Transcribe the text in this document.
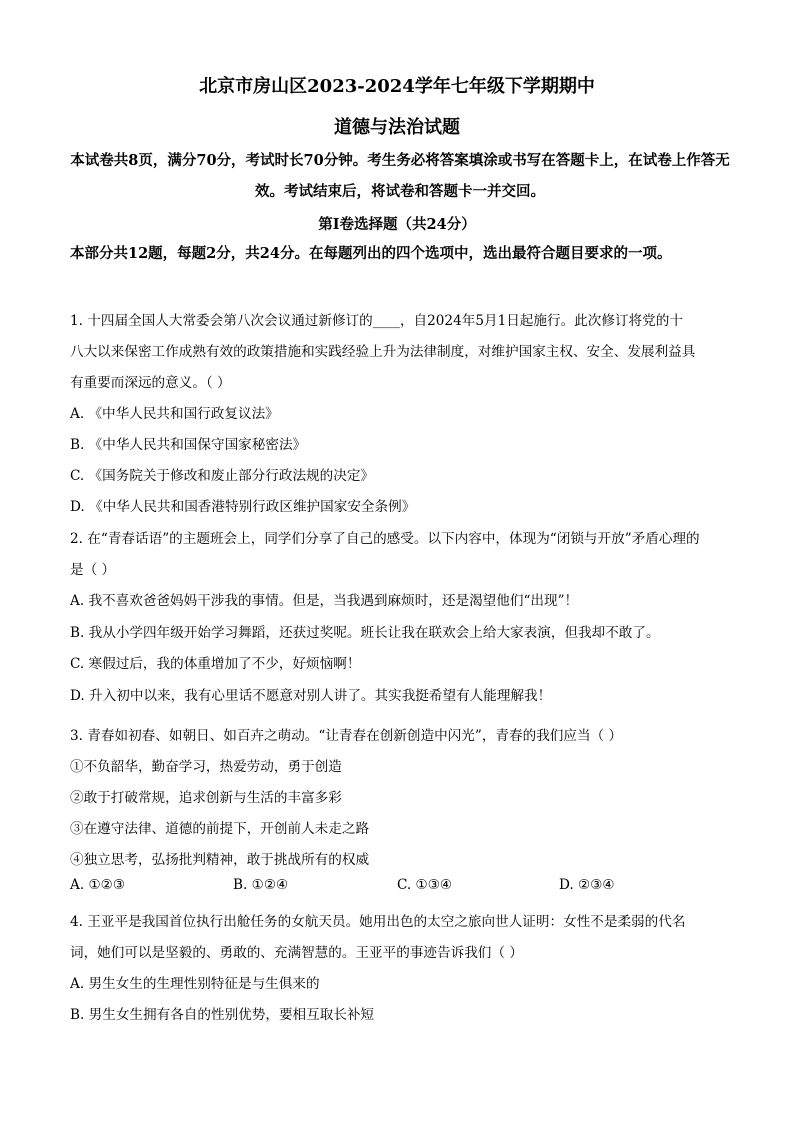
北京市房山区2023-2024学年七年级下学期期中
道德与法治试题
本试卷共8页，满分70分，考试时长70分钟。考生务必将答案填涂或书写在答题卡上，在试卷上作答无效。考试结束后，将试卷和答题卡一并交回。
第Ⅰ卷选择题（共24分）
本部分共12题，每题2分，共24分。在每题列出的四个选项中，选出最符合题目要求的一项。
1. 十四届全国人大常委会第八次会议通过新修订的____，自2024年5月1日起施行。此次修订将党的十
八大以来保密工作成熟有效的政策措施和实践经验上升为法律制度，对维护国家主权、安全、发展利益具
有重要而深远的意义。（ ）
A. 《中华人民共和国行政复议法》
B. 《中华人民共和国保守国家秘密法》
C. 《国务院关于修改和废止部分行政法规的决定》
D. 《中华人民共和国香港特别行政区维护国家安全条例》
2. 在“青春话语”的主题班会上，同学们分享了自己的感受。以下内容中，体现为“闭锁与开放”矛盾心理的
是（ ）
A. 我不喜欢爸爸妈妈干涉我的事情。但是，当我遇到麻烦时，还是渴望他们“出现”！
B. 我从小学四年级开始学习舞蹈，还获过奖呢。班长让我在联欢会上给大家表演，但我却不敢了。
C. 寒假过后，我的体重增加了不少，好烦恼啊！
D. 升入初中以来，我有心里话不愿意对别人讲了。其实我挺希望有人能理解我！
3. 青春如初春、如朝日、如百卉之萌动。“让青春在创新创造中闪光”，青春的我们应当（ ）
①不负韶华，勤奋学习，热爱劳动，勇于创造
②敢于打破常规，追求创新与生活的丰富多彩
③在遵守法律、道德的前提下，开创前人未走之路
④独立思考，弘扬批判精神，敢于挑战所有的权威
A. ①②③	B. ①②④	C. ①③④	D. ②③④
4. 王亚平是我国首位执行出舱任务的女航天员。她用出色的太空之旅向世人证明：女性不是柔弱的代名
词，她们可以是坚毅的、勇敢的、充满智慧的。王亚平的事迹告诉我们（ ）
A. 男生女生的生理性别特征是与生俱来的
B. 男生女生拥有各自的性别优势，要相互取长补短
